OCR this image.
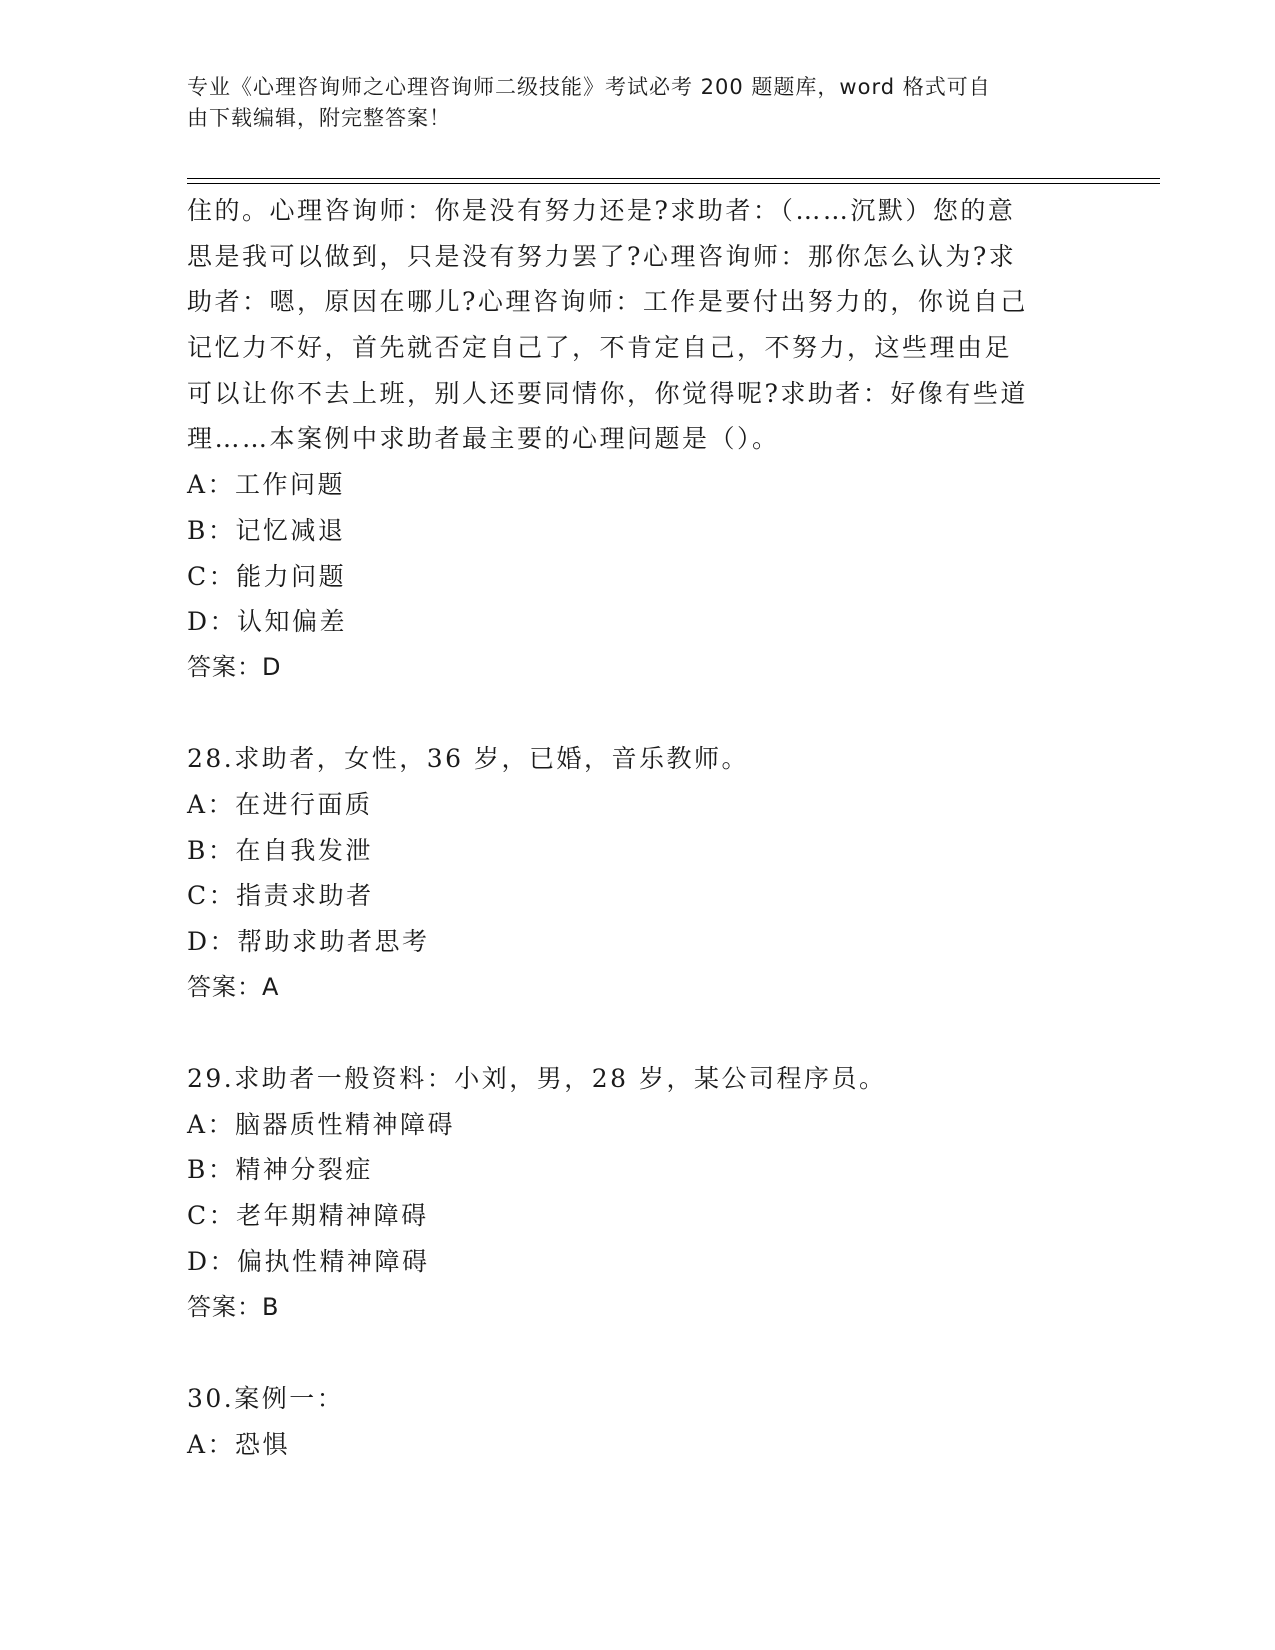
专业《心理咨询师之心理咨询师二级技能》考试必考 200 题题库，word 格式可自
由下载编辑，附完整答案！
住的。心理咨询师：你是没有努力还是?求助者：（……沉默）您的意
思是我可以做到，只是没有努力罢了?心理咨询师：那你怎么认为?求
助者：嗯，原因在哪儿?心理咨询师：工作是要付出努力的，你说自己
记忆力不好，首先就否定自己了，不肯定自己，不努力，这些理由足
可以让你不去上班，别人还要同情你，你觉得呢?求助者：好像有些道
理……本案例中求助者最主要的心理问题是（）。
A：工作问题
B：记忆减退
C：能力问题
D：认知偏差
答案：D
28.求助者，女性，36 岁，已婚，音乐教师。
A：在进行面质
B：在自我发泄
C：指责求助者
D：帮助求助者思考
答案：A
29.求助者一般资料：小刘，男，28 岁，某公司程序员。
A：脑器质性精神障碍
B：精神分裂症
C：老年期精神障碍
D：偏执性精神障碍
答案：B
30.案例一：
A：恐惧
